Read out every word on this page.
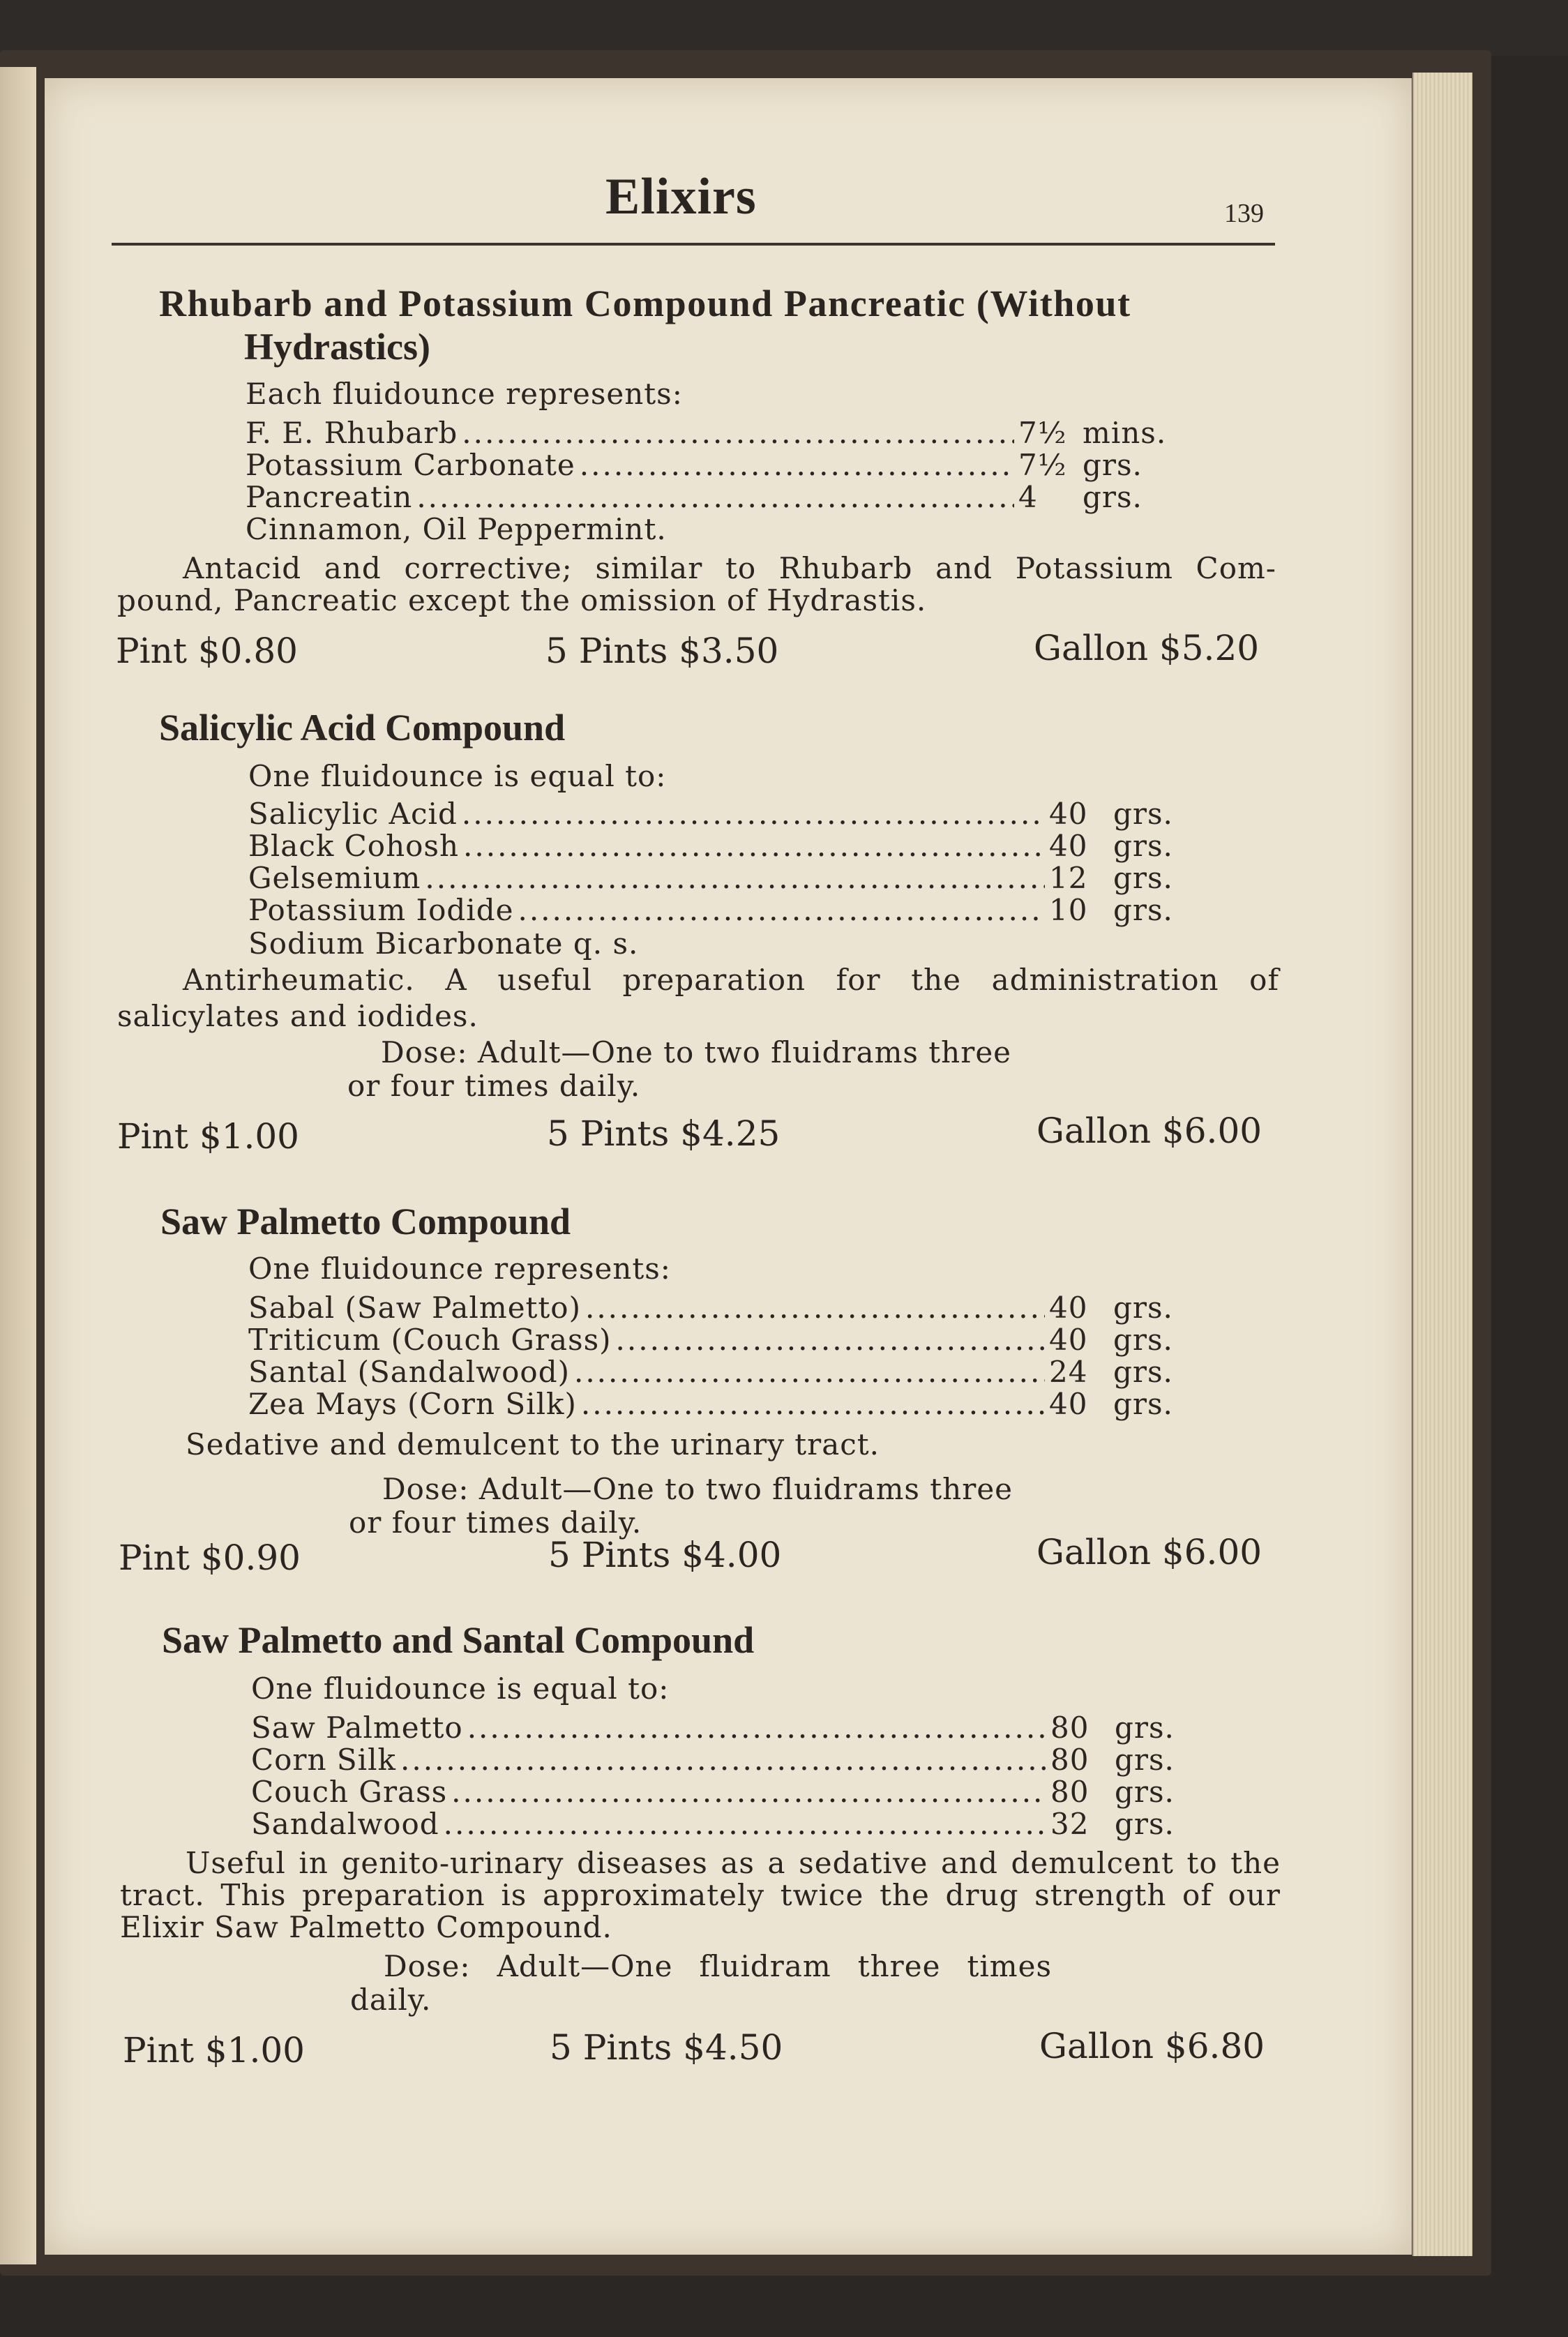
Elixirs	139
Rhubarb and Potassium Compound Pancreatic (Without
Hydrastics)
Each fluidounce represents:
F. E. Rhubarb .....	7½ mins.
Potassium Carbonate .....	7½ grs.
Pancreatin .....	4	grs.
Cinnamon, Oil Peppermint.
Antacid and corrective; similar to Rhubarb and Potassium Com-
pound, Pancreatic except the omission of Hydrastis.
Pint $0.80	5 Pints $3.50	Gallon $5.20
Salicylic Acid Compound
One fluidounce is equal to:
Salicylic Acid .....	40 grs.
Black Cohosh .....	40 grs.
Gelsemium .....	12 grs.
Potassium Iodide .....	10 grs.
Sodium Bicarbonate q. s.
Antirheumatic. A useful preparation for the administration of
salicylates and iodides.
Dose: Adult—One to two fluidrams three
or four times daily.
Pint $1.00	5 Pints $4.25	Gallon $6.00
Saw Palmetto Compound
One fluidounce represents:
Sabal (Saw Palmetto) .....	40 grs.
Triticum (Couch Grass) .....	40 grs.
Santal (Sandalwood) .....	24 grs.
Zea Mays (Corn Silk) .....	40 grs.
Sedative and demulcent to the urinary tract.
Dose: Adult—One to two fluidrams three
or four times daily.
Pint $0.90	5 Pints $4.00	Gallon $6.00
Saw Palmetto and Santal Compound
One fluidounce is equal to:
Saw Palmetto .....	80 grs.
Corn Silk .....	80 grs.
Couch Grass .....	80 grs.
Sandalwood .....	32 grs.
Useful in genito-urinary diseases as a sedative and demulcent to the
tract. This preparation is approximately twice the drug strength of our
Elixir Saw Palmetto Compound.
Dose: Adult—One fluidram three times
daily.
Pint $1.00	5 Pints $4.50	Gallon $6.80
